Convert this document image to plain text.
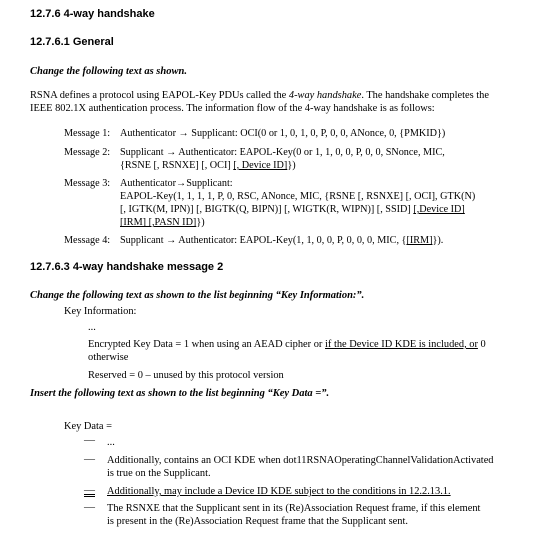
12.7.6 4-way handshake
12.7.6.1 General
Change the following text as shown.
RSNA defines a protocol using EAPOL-Key PDUs called the 4-way handshake. The handshake completes the
IEEE 802.1X authentication process. The information flow of the 4-way handshake is as follows:
Message 1: Authenticator → Supplicant: OCI(0 or 1, 0, 1, 0, P, 0, 0, ANonce, 0, {PMKID})
Message 2: Supplicant → Authenticator: EAPOL-Key(0 or 1, 1, 0, 0, P, 0, 0, SNonce, MIC,
{RSNE [, RSNXE] [, OCI] [, Device ID]})
Message 3: Authenticator→Supplicant:
EAPOL-Key(1, 1, 1, 1, P, 0, RSC, ANonce, MIC, {RSNE [, RSNXE] [, OCI], GTK(N)
[, IGTK(M, IPN)] [, BIGTK(Q, BIPN)] [, WIGTK(R, WIPN)] [, SSID] [,Device ID]
[IRM] [,PASN ID]})
Message 4: Supplicant → Authenticator: EAPOL-Key(1, 1, 0, 0, P, 0, 0, 0, MIC, {[IRM]}).
12.7.6.3 4-way handshake message 2
Change the following text as shown to the list beginning “Key Information:”.
Key Information:
...
Encrypted Key Data = 1 when using an AEAD cipher or if the Device ID KDE is included, or 0
otherwise
Reserved = 0 – unused by this protocol version
Insert the following text as shown to the list beginning “Key Data =”.
Key Data =
— ...
— Additionally, contains an OCI KDE when dot11RSNAOperatingChannelValidationActivated
is true on the Supplicant.
— Additionally, may include a Device ID KDE subject to the conditions in 12.2.13.1.
— The RSNXE that the Supplicant sent in its (Re)Association Request frame, if this element
is present in the (Re)Association Request frame that the Supplicant sent.
